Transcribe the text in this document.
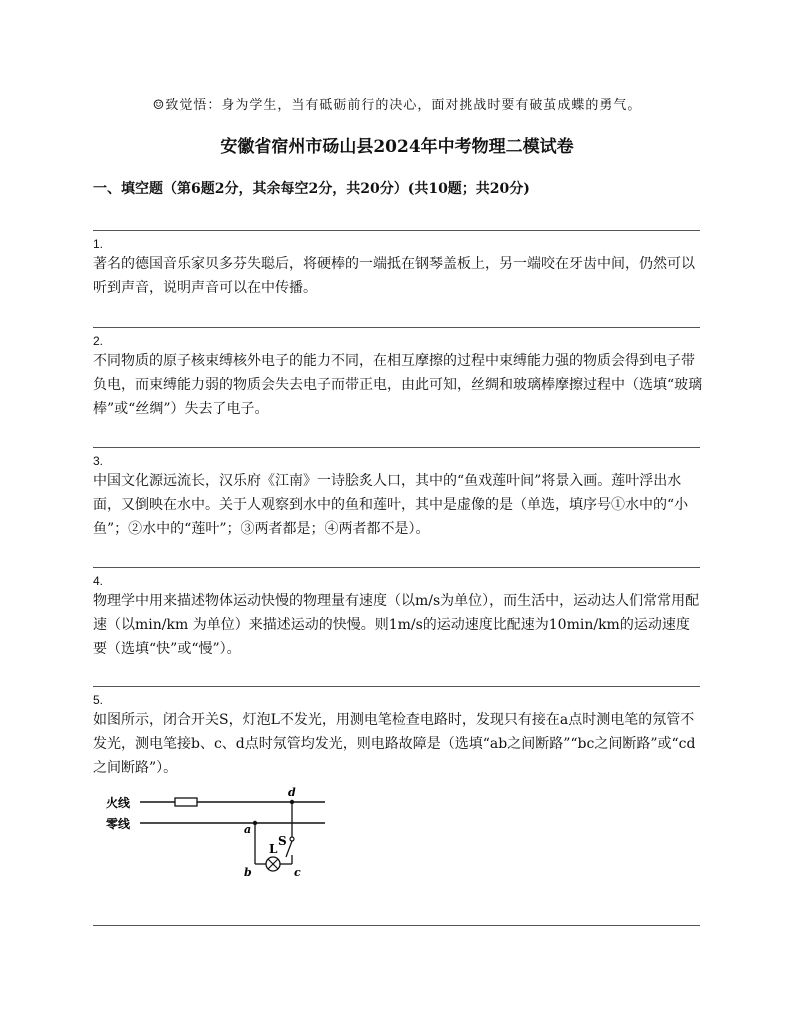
☺致觉悟：身为学生，当有砥砺前行的决心，面对挑战时要有破茧成蝶的勇气。
安徽省宿州市砀山县2024年中考物理二模试卷
一、填空题（第6题2分，其余每空2分，共20分）(共10题；共20分)
1.
著名的德国音乐家贝多芬失聪后，将硬棒的一端抵在钢琴盖板上，另一端咬在牙齿中间，仍然可以听到声音，说明声音可以在中传播。
2.
不同物质的原子核束缚核外电子的能力不同，在相互摩擦的过程中束缚能力强的物质会得到电子带负电，而束缚能力弱的物质会失去电子而带正电，由此可知，丝绸和玻璃棒摩擦过程中（选填“玻璃棒”或“丝绸”）失去了电子。
3.
中国文化源远流长，汉乐府《江南》一诗脍炙人口，其中的“鱼戏莲叶间”将景入画。莲叶浮出水面，又倒映在水中。关于人观察到水中的鱼和莲叶，其中是虚像的是（单选，填序号①水中的“小鱼”；②水中的“莲叶”；③两者都是；④两者都不是）。
4.
物理学中用来描述物体运动快慢的物理量有速度（以m/s为单位），而生活中，运动达人们常常用配速（以min/km 为单位）来描述运动的快慢。则1m/s的运动速度比配速为10min/km的运动速度要（选填“快”或“慢”）。
5.
如图所示，闭合开关S，灯泡L不发光，用测电笔检查电路时，发现只有接在a点时测电笔的氖管不发光，测电笔接b、c、d点时氖管均发光，则电路故障是（选填“ab之间断路”“bc之间断路”或“cd之间断路”）。
火线
零线
d
S
a
L
b	c
